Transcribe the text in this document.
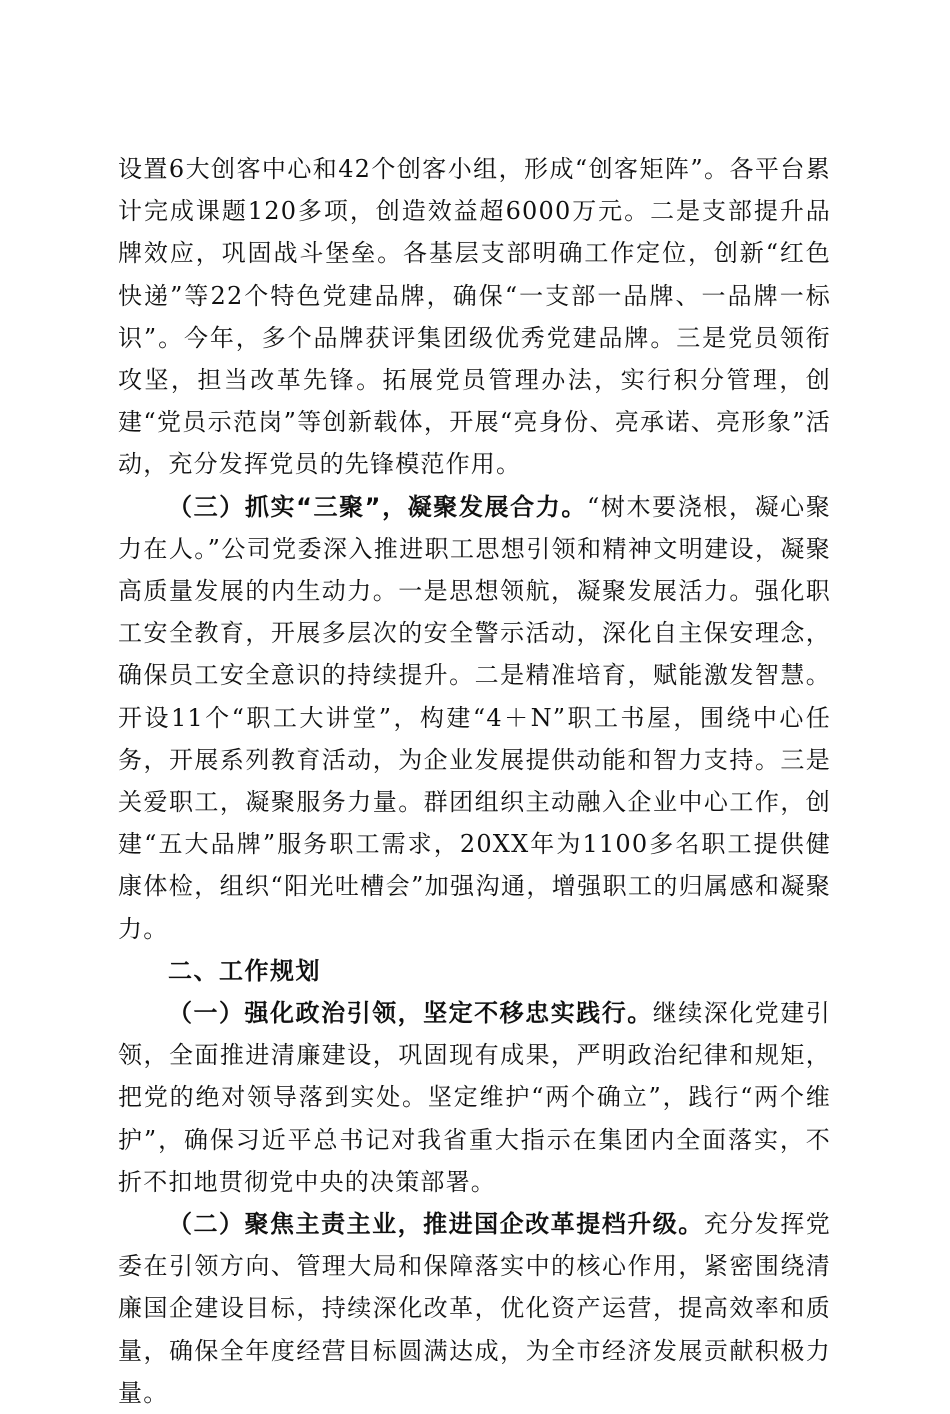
设置6大创客中心和42个创客小组，形成“创客矩阵”。各平台累计完成课题120多项，创造效益超6000万元。二是支部提升品牌效应，巩固战斗堡垒。各基层支部明确工作定位，创新“红色快递”等22个特色党建品牌，确保“一支部一品牌、一品牌一标识”。今年，多个品牌获评集团级优秀党建品牌。三是党员领衔攻坚，担当改革先锋。拓展党员管理办法，实行积分管理，创建“党员示范岗”等创新载体，开展“亮身份、亮承诺、亮形象”活动，充分发挥党员的先锋模范作用。

（三）抓实“三聚”，凝聚发展合力。“树木要浇根，凝心聚力在人。”公司党委深入推进职工思想引领和精神文明建设，凝聚高质量发展的内生动力。一是思想领航，凝聚发展活力。强化职工安全教育，开展多层次的安全警示活动，深化自主保安理念，确保员工安全意识的持续提升。二是精准培育，赋能激发智慧。开设11个“职工大讲堂”，构建“4＋N”职工书屋，围绕中心任务，开展系列教育活动，为企业发展提供动能和智力支持。三是关爱职工，凝聚服务力量。群团组织主动融入企业中心工作，创建“五大品牌”服务职工需求，20XX年为1100多名职工提供健康体检，组织“阳光吐槽会”加强沟通，增强职工的归属感和凝聚力。

二、工作规划

（一）强化政治引领，坚定不移忠实践行。继续深化党建引领，全面推进清廉建设，巩固现有成果，严明政治纪律和规矩，把党的绝对领导落到实处。坚定维护“两个确立”，践行“两个维护”，确保习近平总书记对我省重大指示在集团内全面落实，不折不扣地贯彻党中央的决策部署。

（二）聚焦主责主业，推进国企改革提档升级。充分发挥党委在引领方向、管理大局和保障落实中的核心作用，紧密围绕清廉国企建设目标，持续深化改革，优化资产运营，提高效率和质量，确保全年度经营目标圆满达成，为全市经济发展贡献积极力量。
